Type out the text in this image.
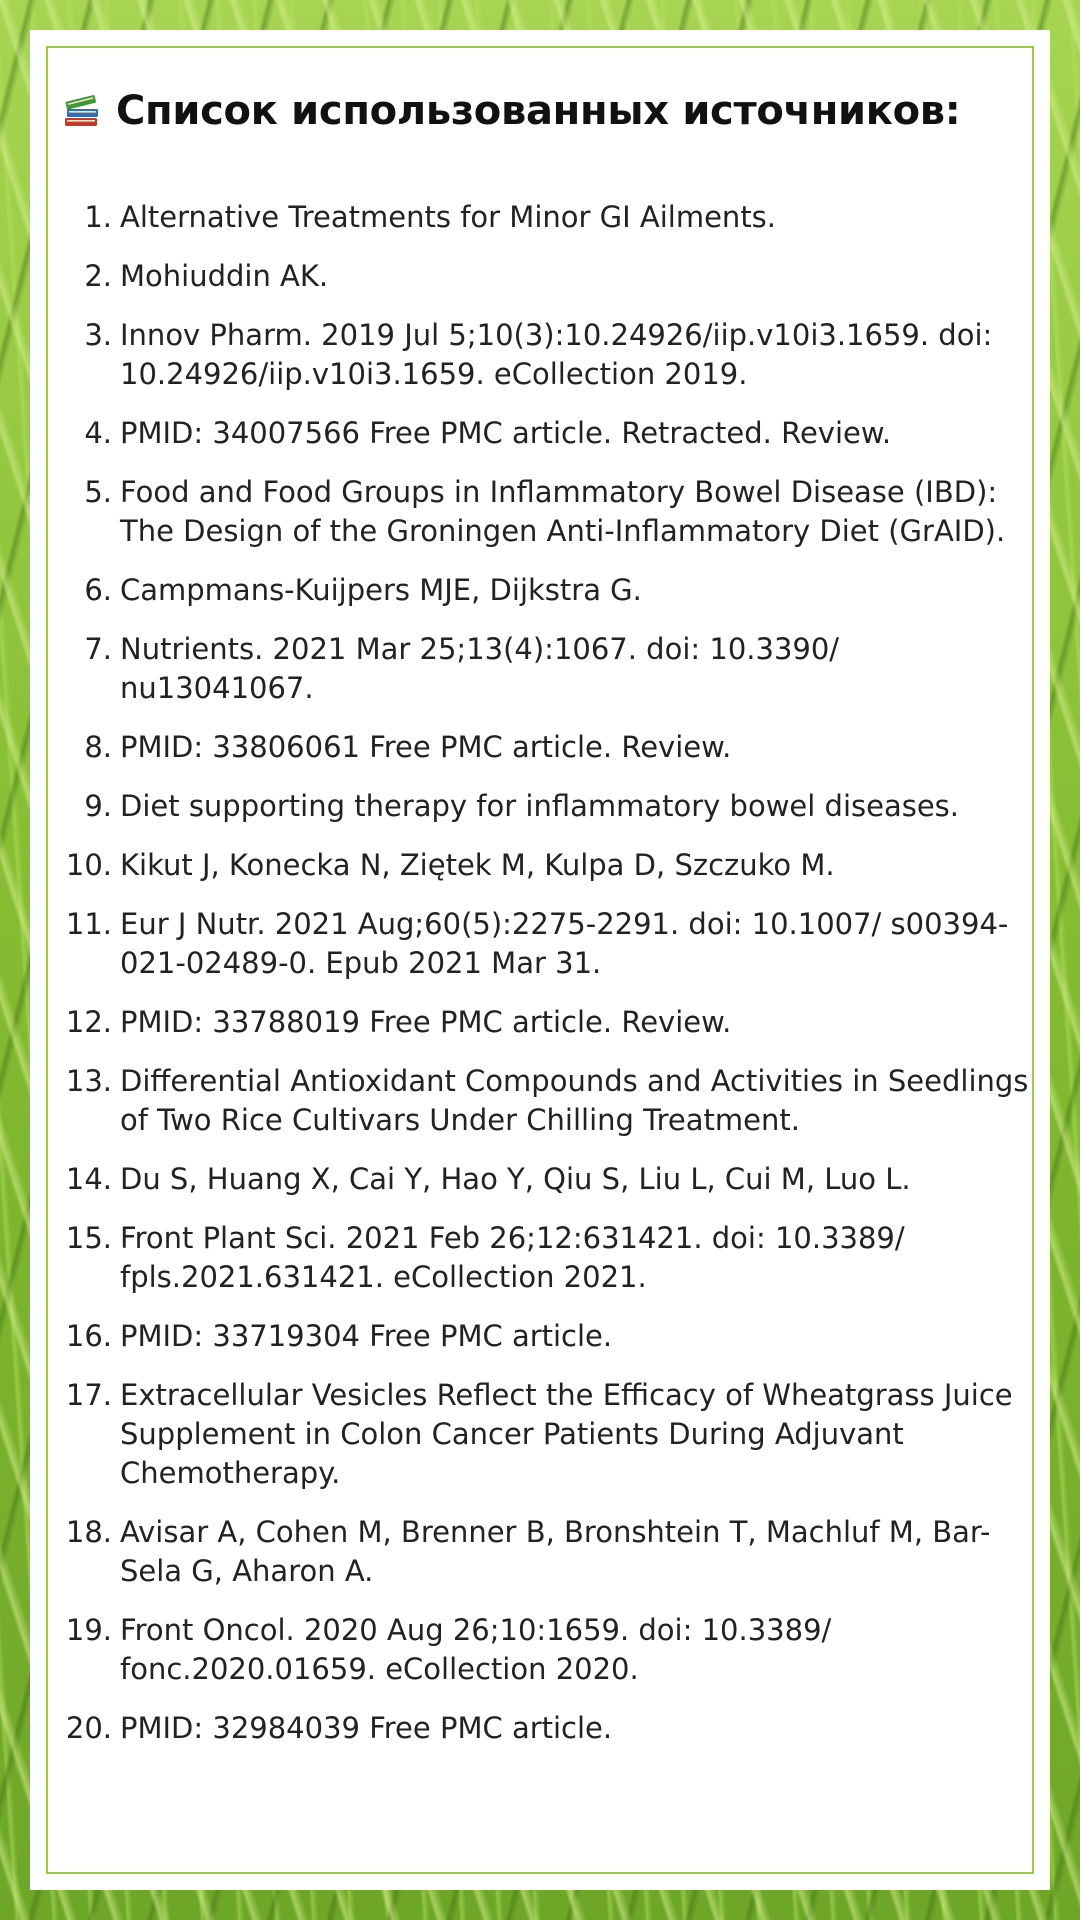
Список использованных источников:
1. Alternative Treatments for Minor GI Ailments.
2. Mohiuddin AK.
3. Innov Pharm. 2019 Jul 5;10(3):10.24926/iip.v10i3.1659. doi: 10.24926/iip.v10i3.1659. eCollection 2019.
4. PMID: 34007566 Free PMC article. Retracted. Review.
5. Food and Food Groups in Inflammatory Bowel Disease (IBD): The Design of the Groningen Anti-Inflammatory Diet (GrAID).
6. Campmans-Kuijpers MJE, Dijkstra G.
7. Nutrients. 2021 Mar 25;13(4):1067. doi: 10.3390/ nu13041067.
8. PMID: 33806061 Free PMC article. Review.
9. Diet supporting therapy for inflammatory bowel diseases.
10. Kikut J, Konecka N, Ziętek M, Kulpa D, Szczuko M.
11. Eur J Nutr. 2021 Aug;60(5):2275-2291. doi: 10.1007/ s00394-021-02489-0. Epub 2021 Mar 31.
12. PMID: 33788019 Free PMC article. Review.
13. Differential Antioxidant Compounds and Activities in Seedlings of Two Rice Cultivars Under Chilling Treatment.
14. Du S, Huang X, Cai Y, Hao Y, Qiu S, Liu L, Cui M, Luo L.
15. Front Plant Sci. 2021 Feb 26;12:631421. doi: 10.3389/ fpls.2021.631421. eCollection 2021.
16. PMID: 33719304 Free PMC article.
17. Extracellular Vesicles Reflect the Efficacy of Wheatgrass Juice Supplement in Colon Cancer Patients During Adjuvant Chemotherapy.
18. Avisar A, Cohen M, Brenner B, Bronshtein T, Machluf M, Bar-Sela G, Aharon A.
19. Front Oncol. 2020 Aug 26;10:1659. doi: 10.3389/ fonc.2020.01659. eCollection 2020.
20. PMID: 32984039 Free PMC article.
